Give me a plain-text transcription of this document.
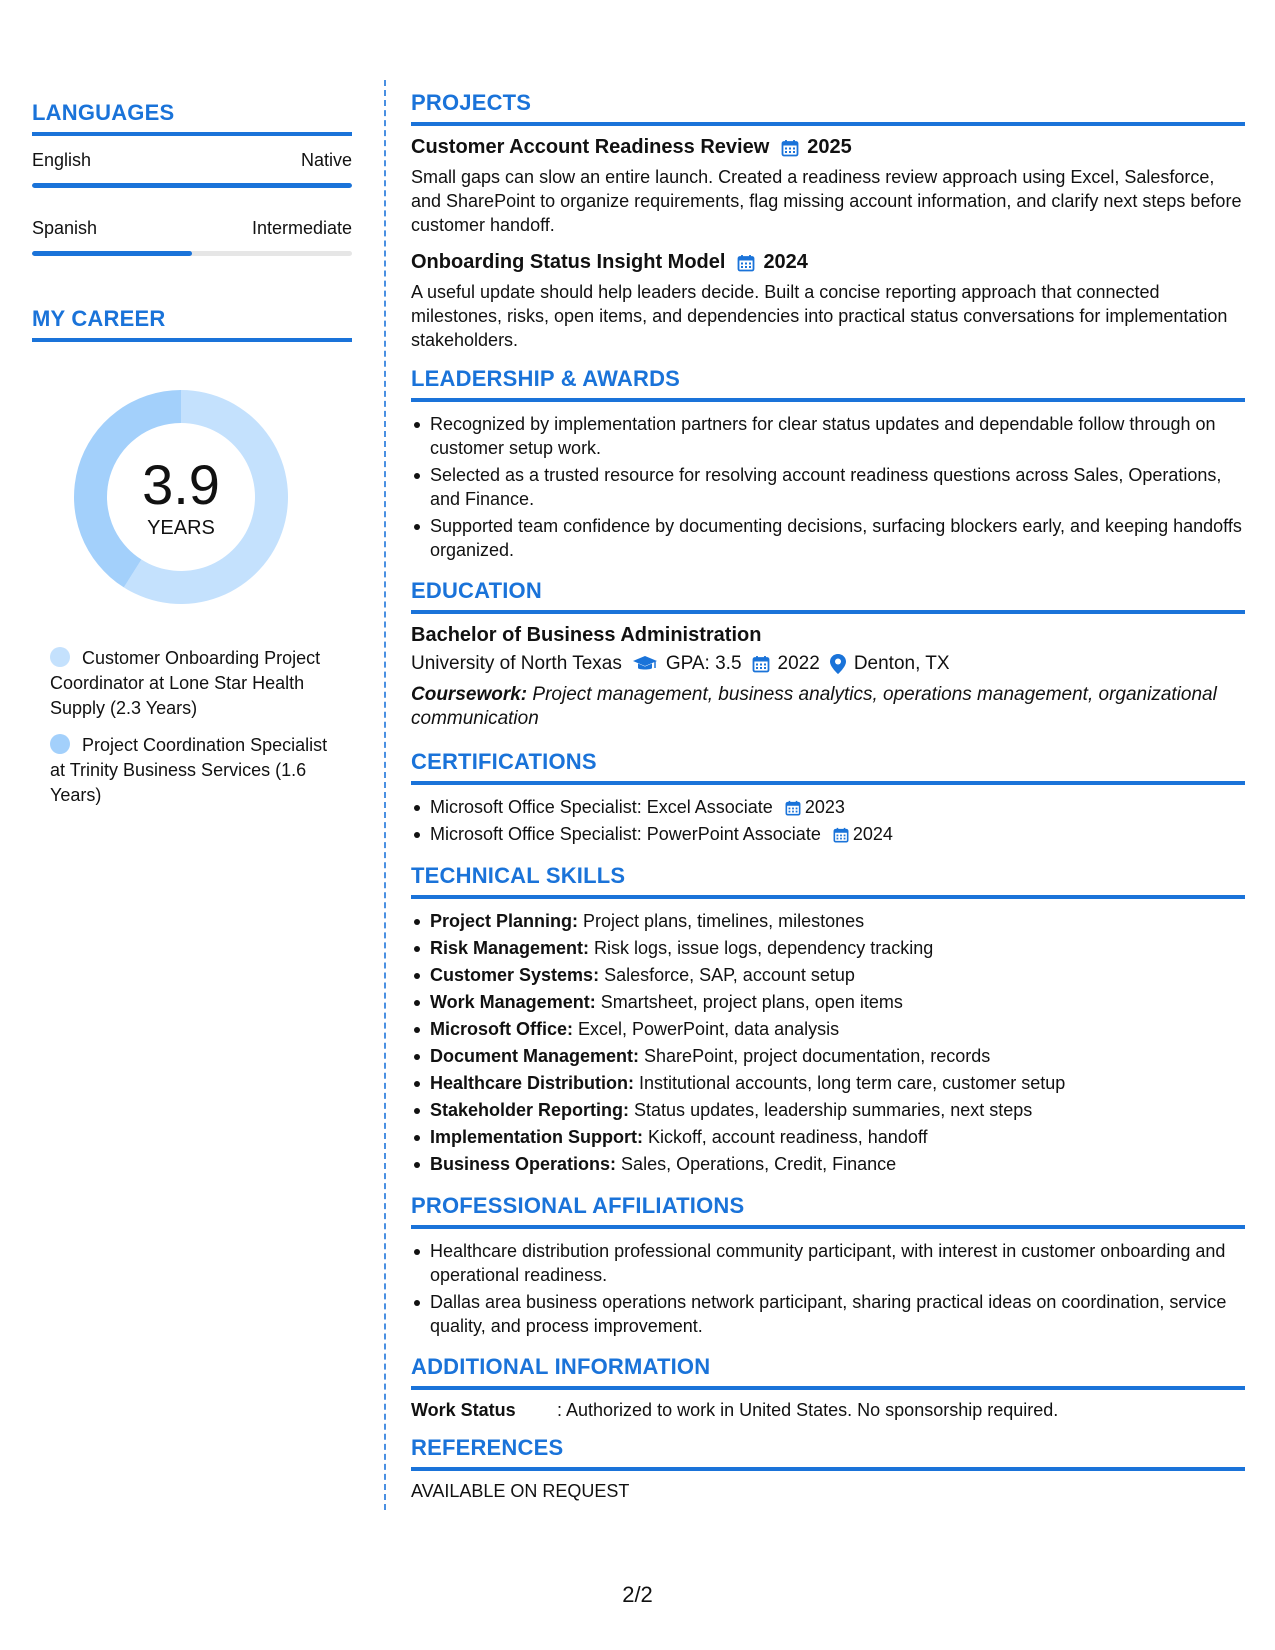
LANGUAGES
English	Native
Spanish	Intermediate
MY CAREER
3.9
YEARS
Customer Onboarding Project Coordinator at Lone Star Health Supply (2.3 Years)
Project Coordination Specialist at Trinity Business Services (1.6 Years)
PROJECTS
Customer Account Readiness Review 2025
Small gaps can slow an entire launch. Created a readiness review approach using Excel, Salesforce, and SharePoint to organize requirements, flag missing account information, and clarify next steps before customer handoff.
Onboarding Status Insight Model 2024
A useful update should help leaders decide. Built a concise reporting approach that connected milestones, risks, open items, and dependencies into practical status conversations for implementation stakeholders.
LEADERSHIP & AWARDS
Recognized by implementation partners for clear status updates and dependable follow through on customer setup work.
Selected as a trusted resource for resolving account readiness questions across Sales, Operations, and Finance.
Supported team confidence by documenting decisions, surfacing blockers early, and keeping handoffs organized.
EDUCATION
Bachelor of Business Administration
University of North Texas GPA: 3.5 2022 Denton, TX
Coursework: Project management, business analytics, operations management, organizational communication
CERTIFICATIONS
Microsoft Office Specialist: Excel Associate 2023
Microsoft Office Specialist: PowerPoint Associate 2024
TECHNICAL SKILLS
Project Planning: Project plans, timelines, milestones
Risk Management: Risk logs, issue logs, dependency tracking
Customer Systems: Salesforce, SAP, account setup
Work Management: Smartsheet, project plans, open items
Microsoft Office: Excel, PowerPoint, data analysis
Document Management: SharePoint, project documentation, records
Healthcare Distribution: Institutional accounts, long term care, customer setup
Stakeholder Reporting: Status updates, leadership summaries, next steps
Implementation Support: Kickoff, account readiness, handoff
Business Operations: Sales, Operations, Credit, Finance
PROFESSIONAL AFFILIATIONS
Healthcare distribution professional community participant, with interest in customer onboarding and operational readiness.
Dallas area business operations network participant, sharing practical ideas on coordination, service quality, and process improvement.
ADDITIONAL INFORMATION
Work Status	: Authorized to work in United States. No sponsorship required.
REFERENCES
AVAILABLE ON REQUEST
2/2
